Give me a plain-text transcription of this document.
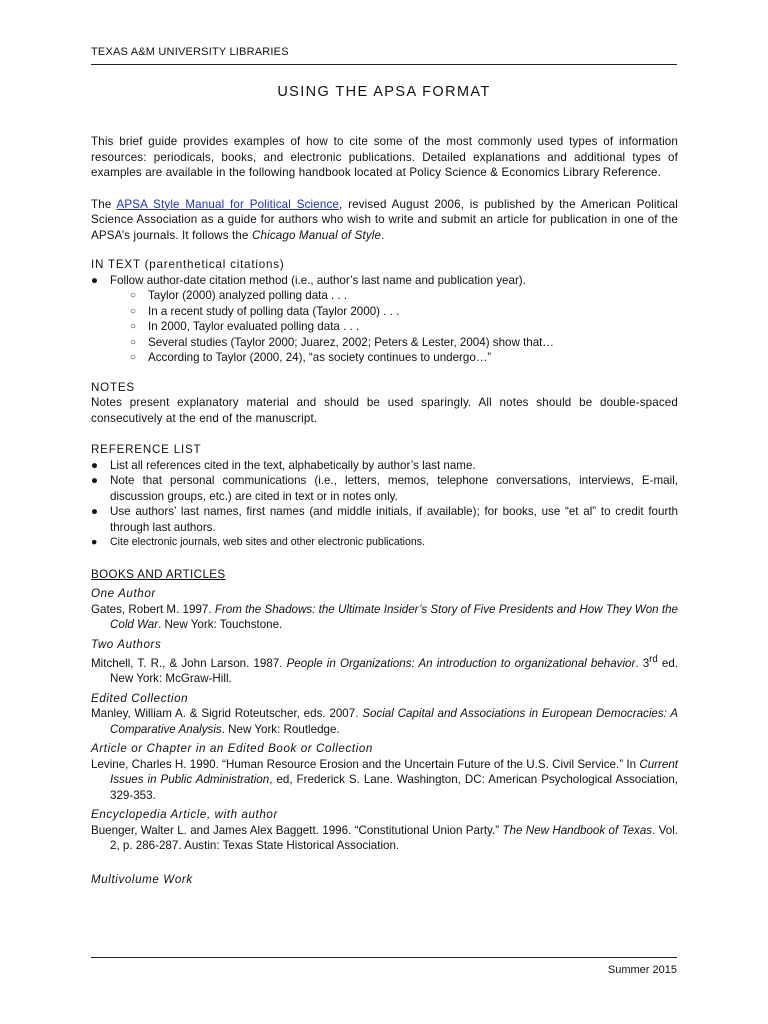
TEXAS A&M UNIVERSITY LIBRARIES
USING THE APSA FORMAT

This brief guide provides examples of how to cite some of the most commonly used types of information resources: periodicals, books, and electronic publications. Detailed explanations and additional types of examples are available in the following handbook located at Policy Science & Economics Library Reference.

The APSA Style Manual for Political Science, revised August 2006, is published by the American Political Science Association as a guide for authors who wish to write and submit an article for publication in one of the APSA’s journals. It follows the Chicago Manual of Style.

IN TEXT (parenthetical citations)

● Follow author-date citation method (i.e., author’s last name and publication year).
○ Taylor (2000) analyzed polling data . . .
○ In a recent study of polling data (Taylor 2000) . . .
○ In 2000, Taylor evaluated polling data . . .
○ Several studies (Taylor 2000; Juarez, 2002; Peters & Lester, 2004) show that…
○ According to Taylor (2000, 24), “as society continues to undergo…”

NOTES

Notes present explanatory material and should be used sparingly. All notes should be double-spaced consecutively at the end of the manuscript.

REFERENCE LIST

● List all references cited in the text, alphabetically by author’s last name.
● Note that personal communications (i.e., letters, memos, telephone conversations, interviews, E-mail, discussion groups, etc.) are cited in text or in notes only.
● Use authors’ last names, first names (and middle initials, if available); for books, use “et al” to credit fourth through last authors.
● Cite electronic journals, web sites and other electronic publications.

BOOKS AND ARTICLES

One Author

Gates, Robert M. 1997. From the Shadows: the Ultimate Insider’s Story of Five Presidents and How They Won the Cold War. New York: Touchstone.

Two Authors

Mitchell, T. R., & John Larson. 1987. People in Organizations: An introduction to organizational behavior. 3rd ed. New York: McGraw-Hill.

Edited Collection

Manley, William A. & Sigrid Roteutscher, eds. 2007. Social Capital and Associations in European Democracies: A Comparative Analysis. New York: Routledge.

Article or Chapter in an Edited Book or Collection

Levine, Charles H. 1990. “Human Resource Erosion and the Uncertain Future of the U.S. Civil Service.” In Current Issues in Public Administration, ed, Frederick S. Lane. Washington, DC: American Psychological Association, 329-353.

Encyclopedia Article, with author

Buenger, Walter L. and James Alex Baggett. 1996. “Constitutional Union Party.” The New Handbook of Texas. Vol. 2, p. 286-287. Austin: Texas State Historical Association.

Multivolume Work

Summer 2015
